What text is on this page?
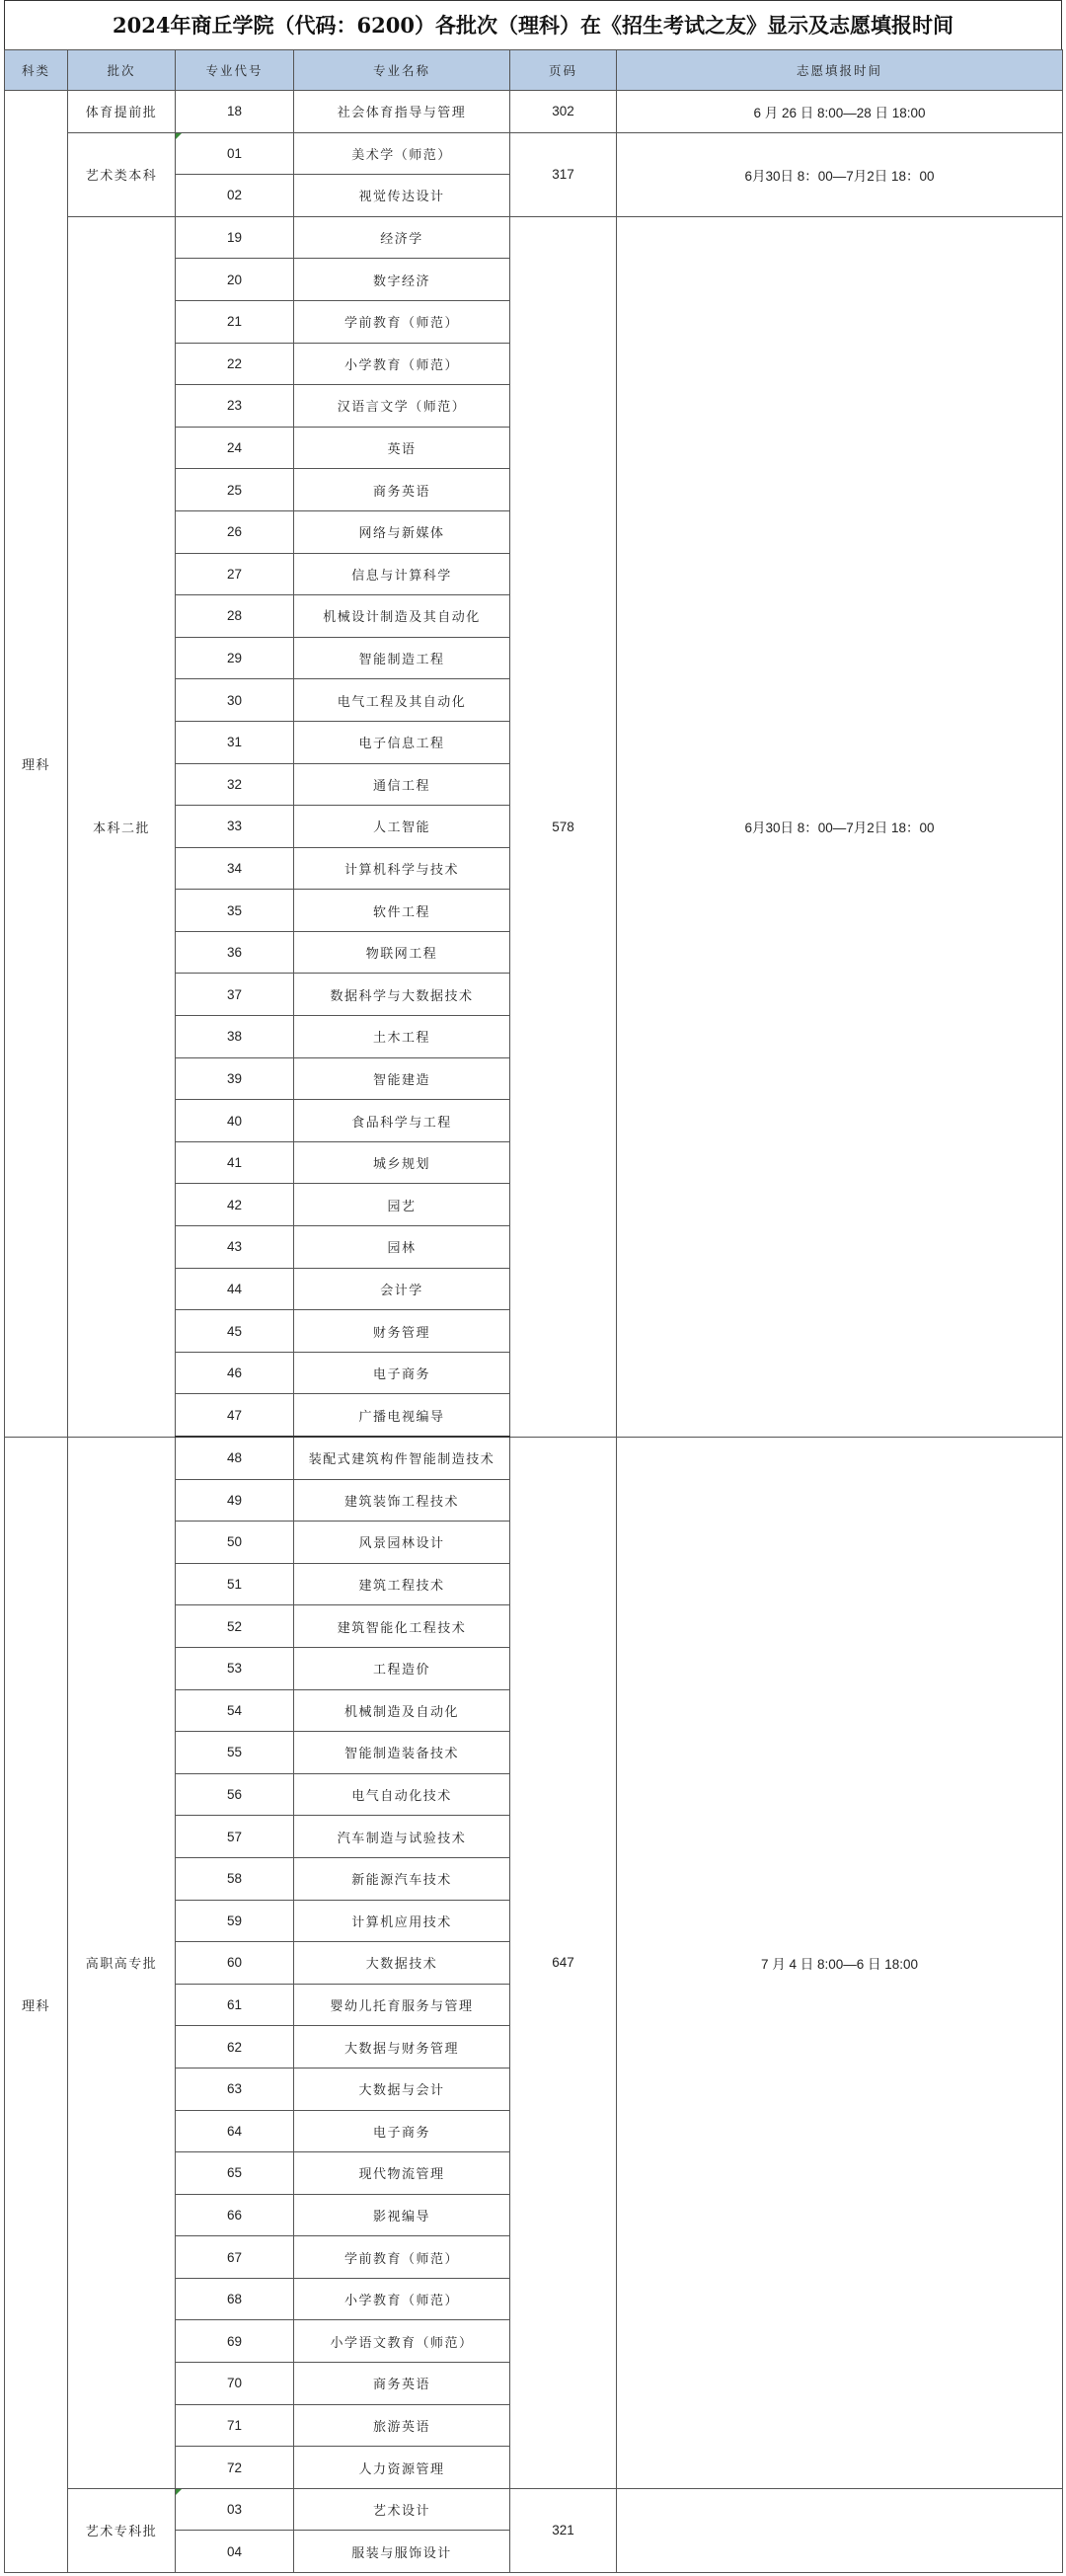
2024年商丘学院（代码：6200）各批次（理科）在《招生考试之友》显示及志愿填报时间
科类	批次	专业代号	专业名称	页码	志愿填报时间
理科	体育提前批	18	社会体育指导与管理	302	6 月 26 日 8:00—28 日 18:00
	艺术类本科	01	美术学（师范）	317	6月30日 8：00—7月2日 18：00
		02	视觉传达设计		
	本科二批	19	经济学	578	6月30日 8：00—7月2日 18：00
		20	数字经济		
		21	学前教育（师范）		
		22	小学教育（师范）		
		23	汉语言文学（师范）		
		24	英语		
		25	商务英语		
		26	网络与新媒体		
		27	信息与计算科学		
		28	机械设计制造及其自动化		
		29	智能制造工程		
		30	电气工程及其自动化		
		31	电子信息工程		
		32	通信工程		
		33	人工智能		
		34	计算机科学与技术		
		35	软件工程		
		36	物联网工程		
		37	数据科学与大数据技术		
		38	土木工程		
		39	智能建造		
		40	食品科学与工程		
		41	城乡规划		
		42	园艺		
		43	园林		
		44	会计学		
		45	财务管理		
		46	电子商务		
		47	广播电视编导		
理科	高职高专批	48	装配式建筑构件智能制造技术	647	7 月 4 日 8:00—6 日 18:00
		49	建筑装饰工程技术		
		50	风景园林设计		
		51	建筑工程技术		
		52	建筑智能化工程技术		
		53	工程造价		
		54	机械制造及自动化		
		55	智能制造装备技术		
		56	电气自动化技术		
		57	汽车制造与试验技术		
		58	新能源汽车技术		
		59	计算机应用技术		
		60	大数据技术		
		61	婴幼儿托育服务与管理		
		62	大数据与财务管理		
		63	大数据与会计		
		64	电子商务		
		65	现代物流管理		
		66	影视编导		
		67	学前教育（师范）		
		68	小学教育（师范）		
		69	小学语文教育（师范）		
		70	商务英语		
		71	旅游英语		
		72	人力资源管理		
	艺术专科批	03	艺术设计	321	
		04	服装与服饰设计		
